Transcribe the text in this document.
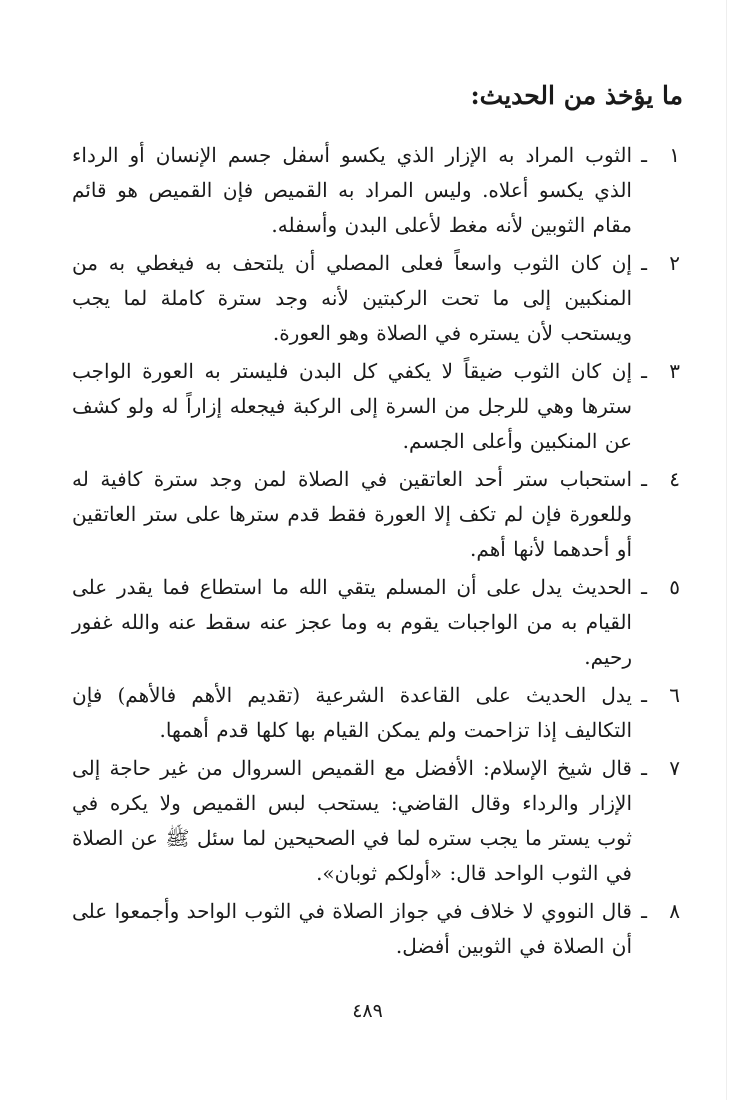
ما يؤخذ من الحديث:
١
ـ
الثوب المراد به الإزار الذي يكسو أسفل جسم الإنسان أو الرداء الذي يكسو أعلاه. وليس المراد به القميص فإن القميص هو قائم مقام الثوبين لأنه مغط لأعلى البدن وأسفله.
٢
ـ
إن كان الثوب واسعاً فعلى المصلي أن يلتحف به فيغطي به من المنكبين إلى ما تحت الركبتين لأنه وجد سترة كاملة لما يجب ويستحب لأن يستره في الصلاة وهو العورة.
٣
ـ
إن كان الثوب ضيقاً لا يكفي كل البدن فليستر به العورة الواجب سترها وهي للرجل من السرة إلى الركبة فيجعله إزاراً له ولو كشف عن المنكبين وأعلى الجسم.
٤
ـ
استحباب ستر أحد العاتقين في الصلاة لمن وجد سترة كافية له وللعورة فإن لم تكف إلا العورة فقط قدم سترها على ستر العاتقين أو أحدهما لأنها أهم.
٥
ـ
الحديث يدل على أن المسلم يتقي الله ما استطاع فما يقدر على القيام به من الواجبات يقوم به وما عجز عنه سقط عنه والله غفور رحيم.
٦
ـ
يدل الحديث على القاعدة الشرعية (تقديم الأهم فالأهم) فإن التكاليف إذا تزاحمت ولم يمكن القيام بها كلها قدم أهمها.
٧
ـ
قال شيخ الإسلام: الأفضل مع القميص السروال من غير حاجة إلى الإزار والرداء وقال القاضي: يستحب لبس القميص ولا يكره في ثوب يستر ما يجب ستره لما في الصحيحين لما سئل ﷺ عن الصلاة في الثوب الواحد قال: «أولكم ثوبان».
٨
ـ
قال النووي لا خلاف في جواز الصلاة في الثوب الواحد وأجمعوا على أن الصلاة في الثوبين أفضل.
٤٨٩
